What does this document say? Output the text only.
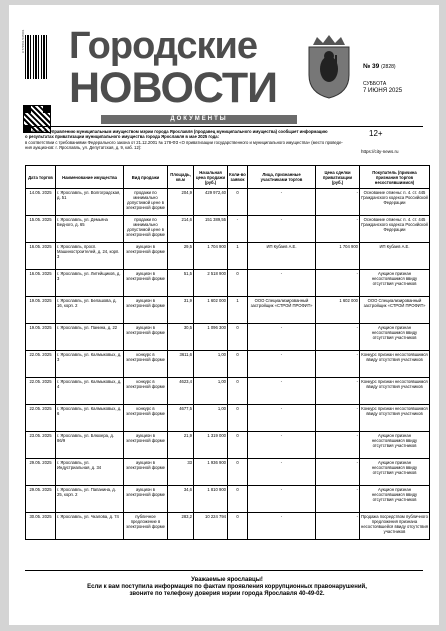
9 771561 547001 Городские
НОВОСТИ
ДОКУМЕНТЫ
№ 39 (2828)
СУББОТА
7 ИЮНЯ 2025
12+
https://city-news.ru
Комитет по управлению муниципальным имуществом мэрии города Ярославля (продавец муниципального имущества) сообщает информацию
о результатах приватизации муниципального имущества города Ярославля в мае 2025 года:
в соответствии с требованиями Федерального закона от 21.12.2001 № 178-ФЗ «О приватизации государственного и муниципального имущества» (место проведе-
ния аукционов: г. Ярославль, ул. Депутатская, д. 9, каб. 12):
Дата торгов	Наименование имущества	Вид продажи	Площадь, кв.м	Начальная цена продажи (руб.)	Коли-во заявок	Лица, признанные участниками торгов	Цена сделки приватизации (руб.)	Покупатель (причина признания торгов несостоявшимися)
14.05. 2025	г. Ярославль, ул. Волгоградская, д. 51	продажи по минимально допустимой цене в электронной форме	204,9	429 972,40	0	-	-	Основание отмены: п. 4. ст. 445 Гражданского кодекса Российской Федерации
15.05. 2025	г. Ярославль, ул. Демьяна Бедного, д. 65	продажи по минимально допустимой цене в электронной форме	214,6	151 389,55	-	-	-	Основание отмены: п. 4. ст. 445 Гражданского кодекса Российской Федерации
16.05. 2025	г. Ярославль, просп. Машиностроителей, д. 24, корп. 3	аукцион в электронной форме	29,5	1 704 900	1	ИП Кубаев А.Е.	1 704 900	ИП Кубаев А.Е.
16.05. 2025	г. Ярославль, ул. Литейщиков, д. 3	аукцион в электронной форме	51,5	2 518 900	0	-	-	Аукцион признан несостоявшимся ввиду отсутствия участников
19.05. 2025	г. Ярославль, ул. Белашова, д. 16, корп. 2	аукцион в электронной форме	31,9	1 602 000	1	ООО Специализированный застройщик «СТРОЙ ПРОФИТ»	1 602 000	ООО Специализированный застройщик «СТРОЙ ПРОФИТ»
19.05. 2025	г. Ярославль, ул. Панина, д. 22	аукцион в электронной форме	30,5	1 096 300	0	-	-	Аукцион признан несостоявшимся ввиду отсутствия участников
22.05. 2025	г. Ярославль, ул. Калмыковых, д. 3	конкурс в электронной форме	3611,6	1,00	0	-	-	Конкурс признан несостоявшимся ввиду отсутствия участников
22.05. 2025	г. Ярославль, ул. Калмыковых, д. 4	конкурс в электронной форме	4623,4	1,00	0	-	-	Конкурс признан несостоявшимся ввиду отсутствия участников
22.05. 2025	г. Ярославль, ул. Калмыковых, д. 6	конкурс в электронной форме	4677,5	1,00	0	-	-	Конкурс признан несостоявшимся ввиду отсутствия участников
23.05. 2025	г. Ярославль, ул. Блюхера, д. 86/9	аукцион в электронной форме	21,9	1 319 000	0	-	-	Аукцион признан несостоявшимся ввиду отсутствия участников
29.05. 2025	г. Ярославль, ул. Индустриальная, д. 34	аукцион в электронной форме	33	1 936 900	0	-	-	Аукцион признан несостоявшимся ввиду отсутствия участников
29.05. 2025	г. Ярославль, ул. Папанина, д. 25, корп. 2	аукцион в электронной форме	34,6	1 810 900	0	-	-	Аукцион признан несостоявшимся ввиду отсутствия участников
30.05. 2025	г. Ярославль, ул. Чкалова, д. 74	публичное предложение в электронной форме	283,2	10 224 794	0	-	-	Продажа посредством публичного предложения признана несостоявшейся ввиду отсутствия участников
Уважаемые ярославцы!
Если к вам поступила информация по фактам проявления коррупционных правонарушений,
звоните по телефону доверия мэрии города Ярославля 40-49-02.
